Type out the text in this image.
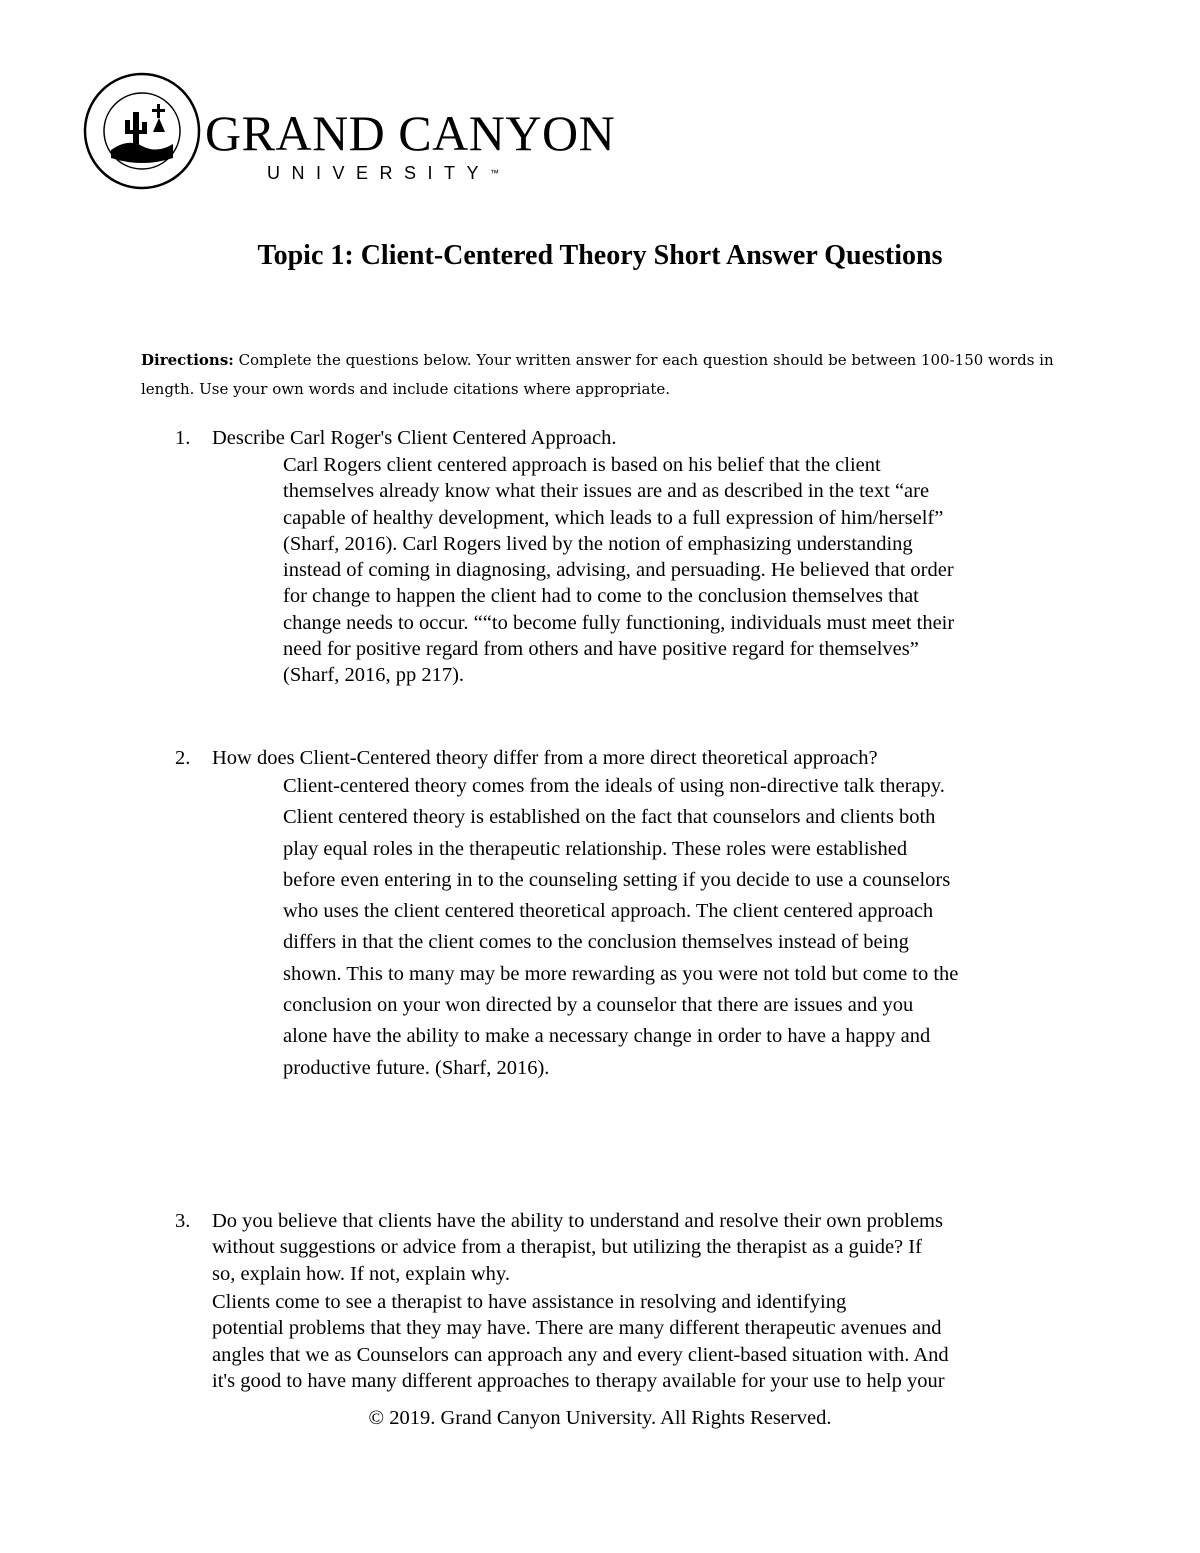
GRAND CANYON
UNIVERSITY™
Topic 1: Client-Centered Theory Short Answer Questions
Directions: Complete the questions below. Your written answer for each question should be between 100-150 words in length. Use your own words and include citations where appropriate.
1. Describe Carl Roger's Client Centered Approach.
Carl Rogers client centered approach is based on his belief that the client
themselves already know what their issues are and as described in the text “are
capable of healthy development, which leads to a full expression of him/herself”
(Sharf, 2016). Carl Rogers lived by the notion of emphasizing understanding
instead of coming in diagnosing, advising, and persuading. He believed that order
for change to happen the client had to come to the conclusion themselves that
change needs to occur. ““to become fully functioning, individuals must meet their
need for positive regard from others and have positive regard for themselves”
(Sharf, 2016, pp 217).
2. How does Client-Centered theory differ from a more direct theoretical approach?
Client-centered theory comes from the ideals of using non-directive talk therapy.
Client centered theory is established on the fact that counselors and clients both
play equal roles in the therapeutic relationship. These roles were established
before even entering in to the counseling setting if you decide to use a counselors
who uses the client centered theoretical approach. The client centered approach
differs in that the client comes to the conclusion themselves instead of being
shown. This to many may be more rewarding as you were not told but come to the
conclusion on your won directed by a counselor that there are issues and you
alone have the ability to make a necessary change in order to have a happy and
productive future. (Sharf, 2016).
3. Do you believe that clients have the ability to understand and resolve their own problems
without suggestions or advice from a therapist, but utilizing the therapist as a guide? If
so, explain how. If not, explain why.
Clients come to see a therapist to have assistance in resolving and identifying
potential problems that they may have. There are many different therapeutic avenues and
angles that we as Counselors can approach any and every client-based situation with. And
it's good to have many different approaches to therapy available for your use to help your
© 2019. Grand Canyon University. All Rights Reserved.
